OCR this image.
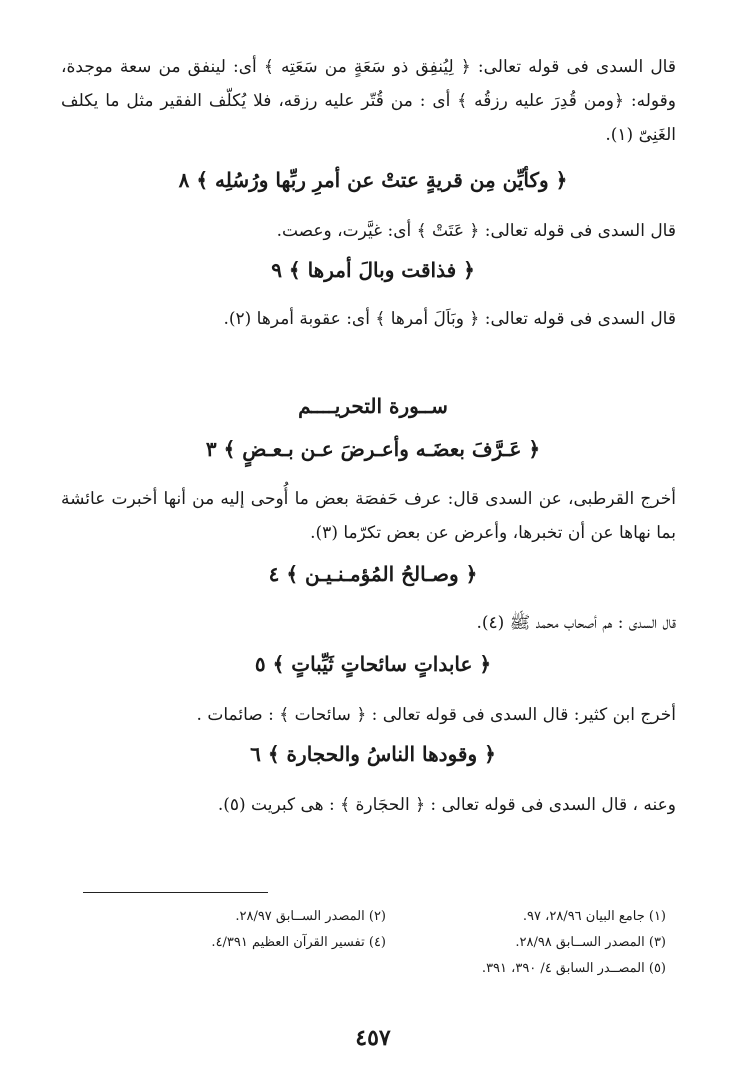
قال السدى فى قوله تعالى: ﴿ لِيُنفِق ذو سَعَةٍ من سَعَتِه ﴾ أى: لينفق من سعة موجدة، وقوله: ﴿ومن قُدِرَ عليه رزقُه ﴾ أى : من قُتّر عليه رزقه، فلا يُكلّف الفقير مثل ما يكلف الغَنِىّ (١).

﴿ وكأيِّن مِن قريةٍ عتتْ عن أمرِ ربِّها ورُسُلِه ﴾ ٨

قال السدى فى قوله تعالى: ﴿ عَتَتْ ﴾ أى: غيَّرت، وعصت.

﴿ فذاقت وبالَ أمرها ﴾ ٩

قال السدى فى قوله تعالى: ﴿ وبَاَلَ أمرها ﴾ أى: عقوبة أمرها (٢).

ســورة التحريــــم
﴿ عَـرَّفَ بعضَـه وأعـرضَ عـن بـعـضٍ ﴾ ٣

أخرج القرطبى، عن السدى قال: عرف حَفصَة بعض ما أُوحى إليه من أنها أخبرت عائشة بما نهاها عن أن تخبرها، وأعرض عن بعض تكرّما (٣).

﴿ وصـالحُ المُؤمـنـيـن ﴾ ٤

قال السدى : هم أصحاب محمد ﷺ (٤).

﴿ عابداتٍ سائحاتٍ ثَيِّباتٍ ﴾ ٥

أخرج ابن كثير: قال السدى فى قوله تعالى : ﴿ سائحات ﴾ : صائمات .

﴿ وقودها الناسُ والحجارة ﴾ ٦

وعنه ، قال السدى فى قوله تعالى : ﴿ الحجَارة ﴾ : هى كبريت (٥).

(١) جامع البيان ٢٨/٩٦، ٩٧.
(٢) المصدر الســابق ٢٨/٩٧.
(٣) المصدر الســابق ٢٨/٩٨.
(٤) تفسير القرآن العظيم ٤/٣٩١.
(٥) المصــدر السابق ٤/ ٣٩٠، ٣٩١.
٤٥٧
